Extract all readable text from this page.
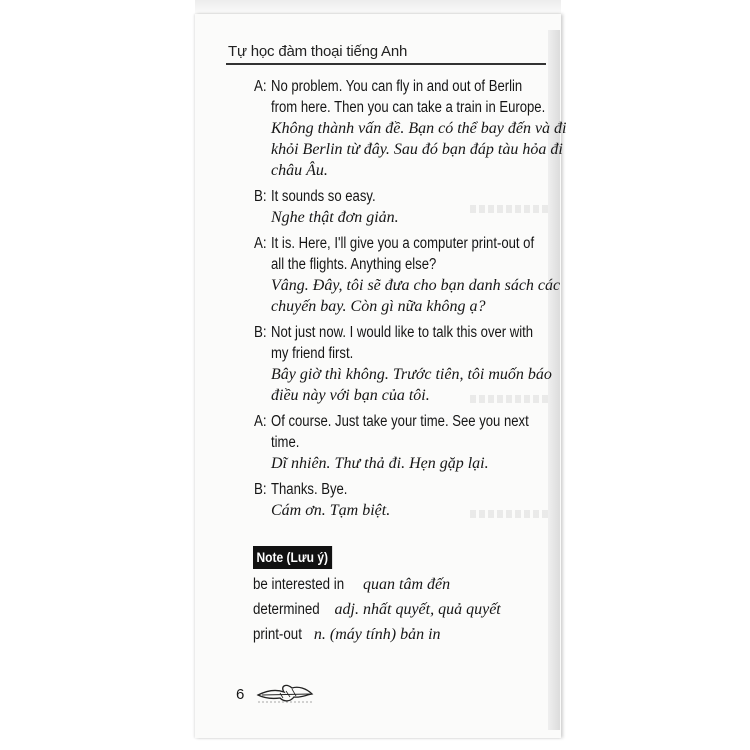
Tự học đàm thoại tiếng Anh
A: No problem. You can fly in and out of Berlin from here. Then you can take a train in Europe.
Không thành vấn đề. Bạn có thể bay đến và đi khỏi Berlin từ đây. Sau đó bạn đáp tàu hỏa đi châu Âu.
B: It sounds so easy.
Nghe thật đơn giản.
A: It is. Here, I'll give you a computer print-out of all the flights. Anything else?
Vâng. Đây, tôi sẽ đưa cho bạn danh sách các chuyến bay. Còn gì nữa không ạ?
B: Not just now. I would like to talk this over with my friend first.
Bây giờ thì không. Trước tiên, tôi muốn báo điều này với bạn của tôi.
A: Of course. Just take your time. See you next time.
Dĩ nhiên. Thư thả đi. Hẹn gặp lại.
B: Thanks. Bye.
Cám ơn. Tạm biệt.
Note (Lưu ý)
be interested in quan tâm đến
determined adj. nhất quyết, quả quyết
print-out n. (máy tính) bản in
6
